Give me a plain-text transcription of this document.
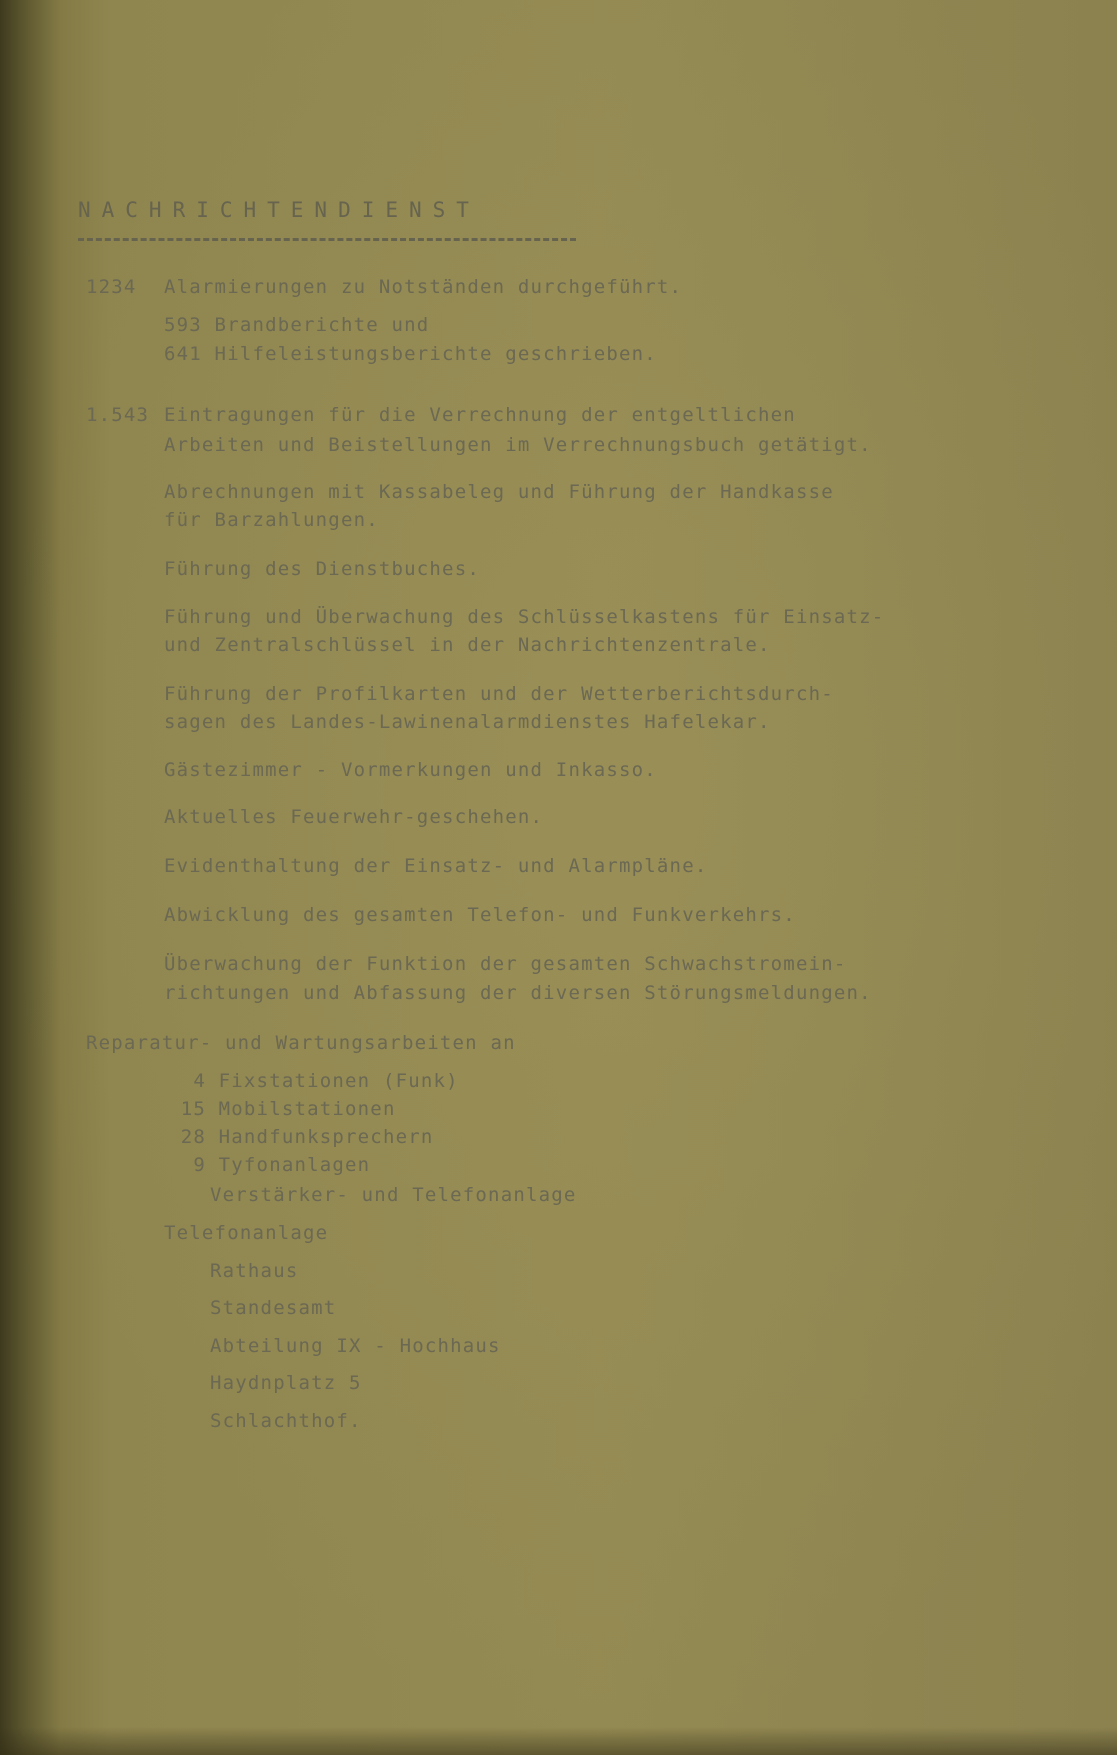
NACHRICHTENDIENST
1234 Alarmierungen zu Notständen durchgeführt.
593 Brandberichte und
641 Hilfeleistungsberichte geschrieben.
1.543 Eintragungen für die Verrechnung der entgeltlichen
Arbeiten und Beistellungen im Verrechnungsbuch getätigt.
Abrechnungen mit Kassabeleg und Führung der Handkasse
für Barzahlungen.
Führung des Dienstbuches.
Führung und Überwachung des Schlüsselkastens für Einsatz-
und Zentralschlüssel in der Nachrichtenzentrale.
Führung der Profilkarten und der Wetterberichtsdurch-
sagen des Landes-Lawinenalarmdienstes Hafelekar.
Gästezimmer - Vormerkungen und Inkasso.
Aktuelles Feuerwehr-geschehen.
Evidenthaltung der Einsatz- und Alarmpläne.
Abwicklung des gesamten Telefon- und Funkverkehrs.
Überwachung der Funktion der gesamten Schwachstromein-
richtungen und Abfassung der diversen Störungsmeldungen.
Reparatur- und Wartungsarbeiten an
4 Fixstationen (Funk)
15 Mobilstationen
28 Handfunksprechern
9 Tyfonanlagen
Verstärker- und Telefonanlage
Telefonanlage
Rathaus
Standesamt
Abteilung IX - Hochhaus
Haydnplatz 5
Schlachthof.
